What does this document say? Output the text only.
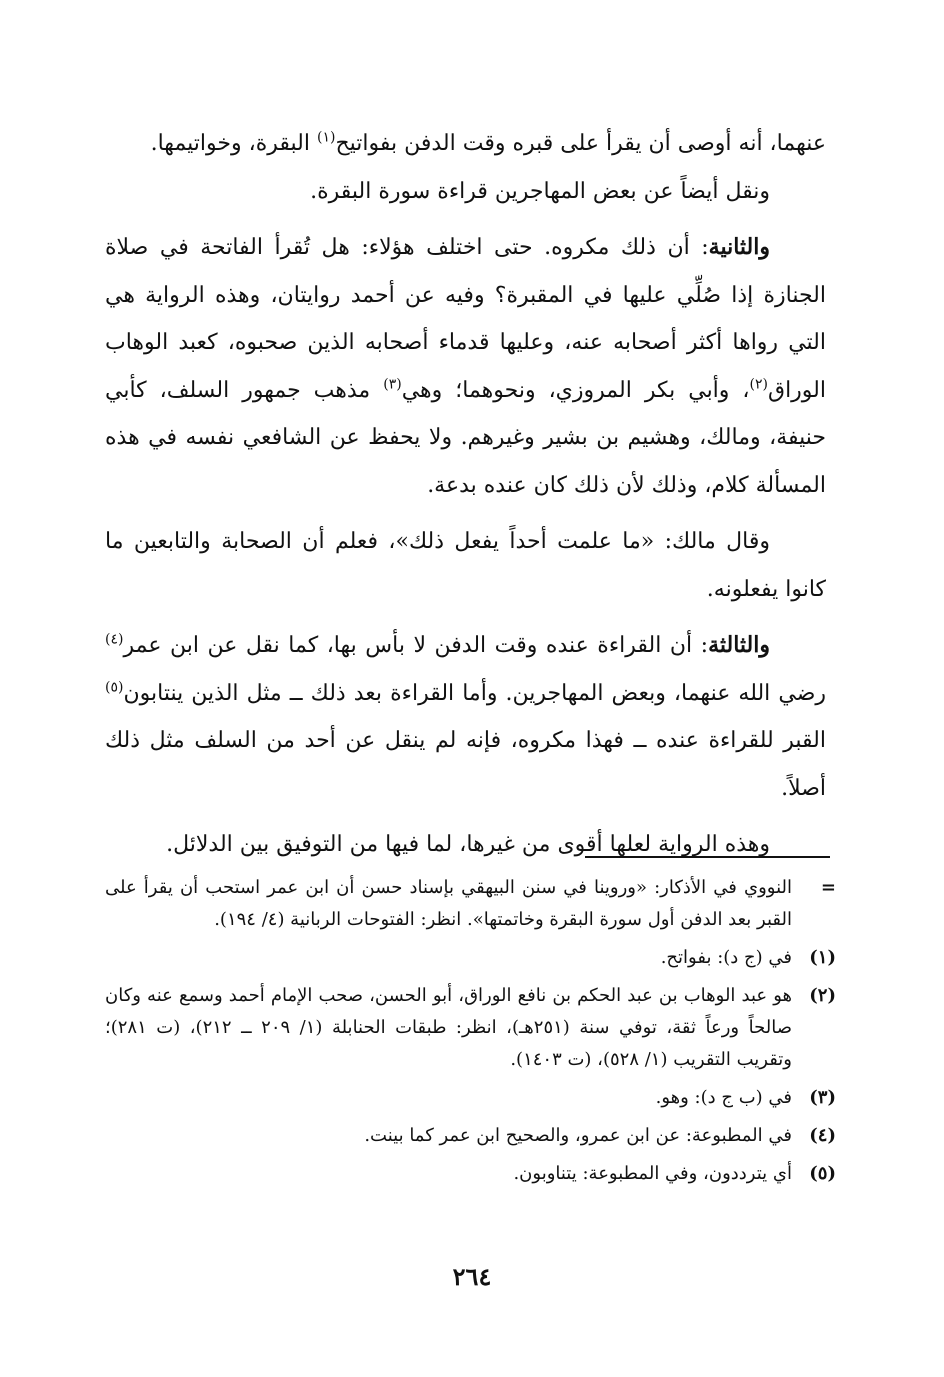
عنهما، أنه أوصى أن يقرأ على قبره وقت الدفن بفواتيح$^{(١)}$ البقرة، وخواتيمها.

ونقل أيضاً عن بعض المهاجرين قراءة سورة البقرة.

والثانية: أن ذلك مكروه. حتى اختلف هؤلاء: هل تُقرأ الفاتحة في صلاة الجنازة إذا صُلِّي عليها في المقبرة؟ وفيه عن أحمد روايتان، وهذه الرواية هي التي رواها أكثر أصحابه عنه، وعليها قدماء أصحابه الذين صحبوه، كعبد الوهاب الوراق$^{(٢)}$، وأبي بكر المروزي، ونحوهما؛ وهي$^{(٣)}$ مذهب جمهور السلف، كأبي حنيفة، ومالك، وهشيم بن بشير وغيرهم. ولا يحفظ عن الشافعي نفسه في هذه المسألة كلام، وذلك لأن ذلك كان عنده بدعة.

وقال مالك: «ما علمت أحداً يفعل ذلك»، فعلم أن الصحابة والتابعين ما كانوا يفعلونه.

والثالثة: أن القراءة عنده وقت الدفن لا بأس بها، كما نقل عن ابن عمر$^{(٤)}$ رضي الله عنهما، وبعض المهاجرين. وأما القراءة بعد ذلك ــ مثل الذين ينتابون$^{(٥)}$ القبر للقراءة عنده ــ فهذا مكروه، فإنه لم ينقل عن أحد من السلف مثل ذلك أصلاً.

وهذه الرواية لعلها أقوى من غيرها، لما فيها من التوفيق بين الدلائل.

=
النووي في الأذكار: «وروينا في سنن البيهقي بإسناد حسن أن ابن عمر استحب أن يقرأ على القبر بعد الدفن أول سورة البقرة وخاتمتها». انظر: الفتوحات الربانية (٤/ ١٩٤).
(١)
في (ج د): بفواتح.
(٢)
هو عبد الوهاب بن عبد الحكم بن نافع الوراق، أبو الحسن، صحب الإمام أحمد وسمع عنه وكان صالحاً ورعاً ثقة، توفي سنة (٢٥١هـ)، انظر: طبقات الحنابلة (١/ ٢٠٩ ــ ٢١٢)، (ت ٢٨١)؛ وتقريب التقريب (١/ ٥٢٨)، (ت ١٤٠٣).
(٣)
في (ب ج د): وهو.
(٤)
في المطبوعة: عن ابن عمرو، والصحيح ابن عمر كما بينت.
(٥)
أي يترددون، وفي المطبوعة: يتناوبون.
٢٦٤
